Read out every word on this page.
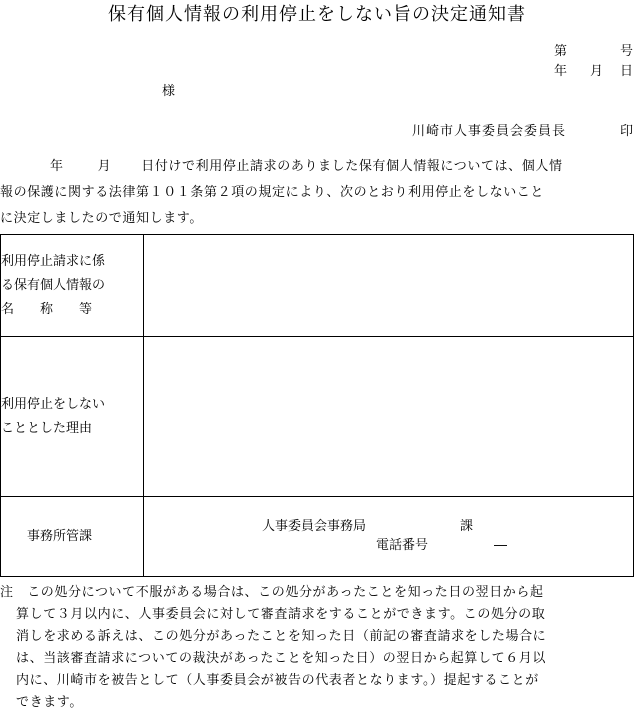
保有個人情報の利用停止をしない旨の決定通知書
第	号
年 月 日
様
川崎市人事委員会委員長	印
年	月 日付けで利用停止請求のありました保有個人情報については、個人情
報の保護に関する法律第１０１条第２項の規定により、次のとおり利用停止をしないこと
に決定しましたので通知します。
利用停止請求に係
る保有個人情報の
名　　称　　等	

利用停止をしない
こととした理由	

事務所管課	人事委員会事務局 課
電話番号 ―
注　この処分について不服がある場合は、この処分があったことを知った日の翌日から起
算して３月以内に、人事委員会に対して審査請求をすることができます。この処分の取
消しを求める訴えは、この処分があったことを知った日（前記の審査請求をした場合に
は、当該審査請求についての裁決があったことを知った日）の翌日から起算して６月以
内に、川崎市を被告として（人事委員会が被告の代表者となります。）提起することが
できます。
